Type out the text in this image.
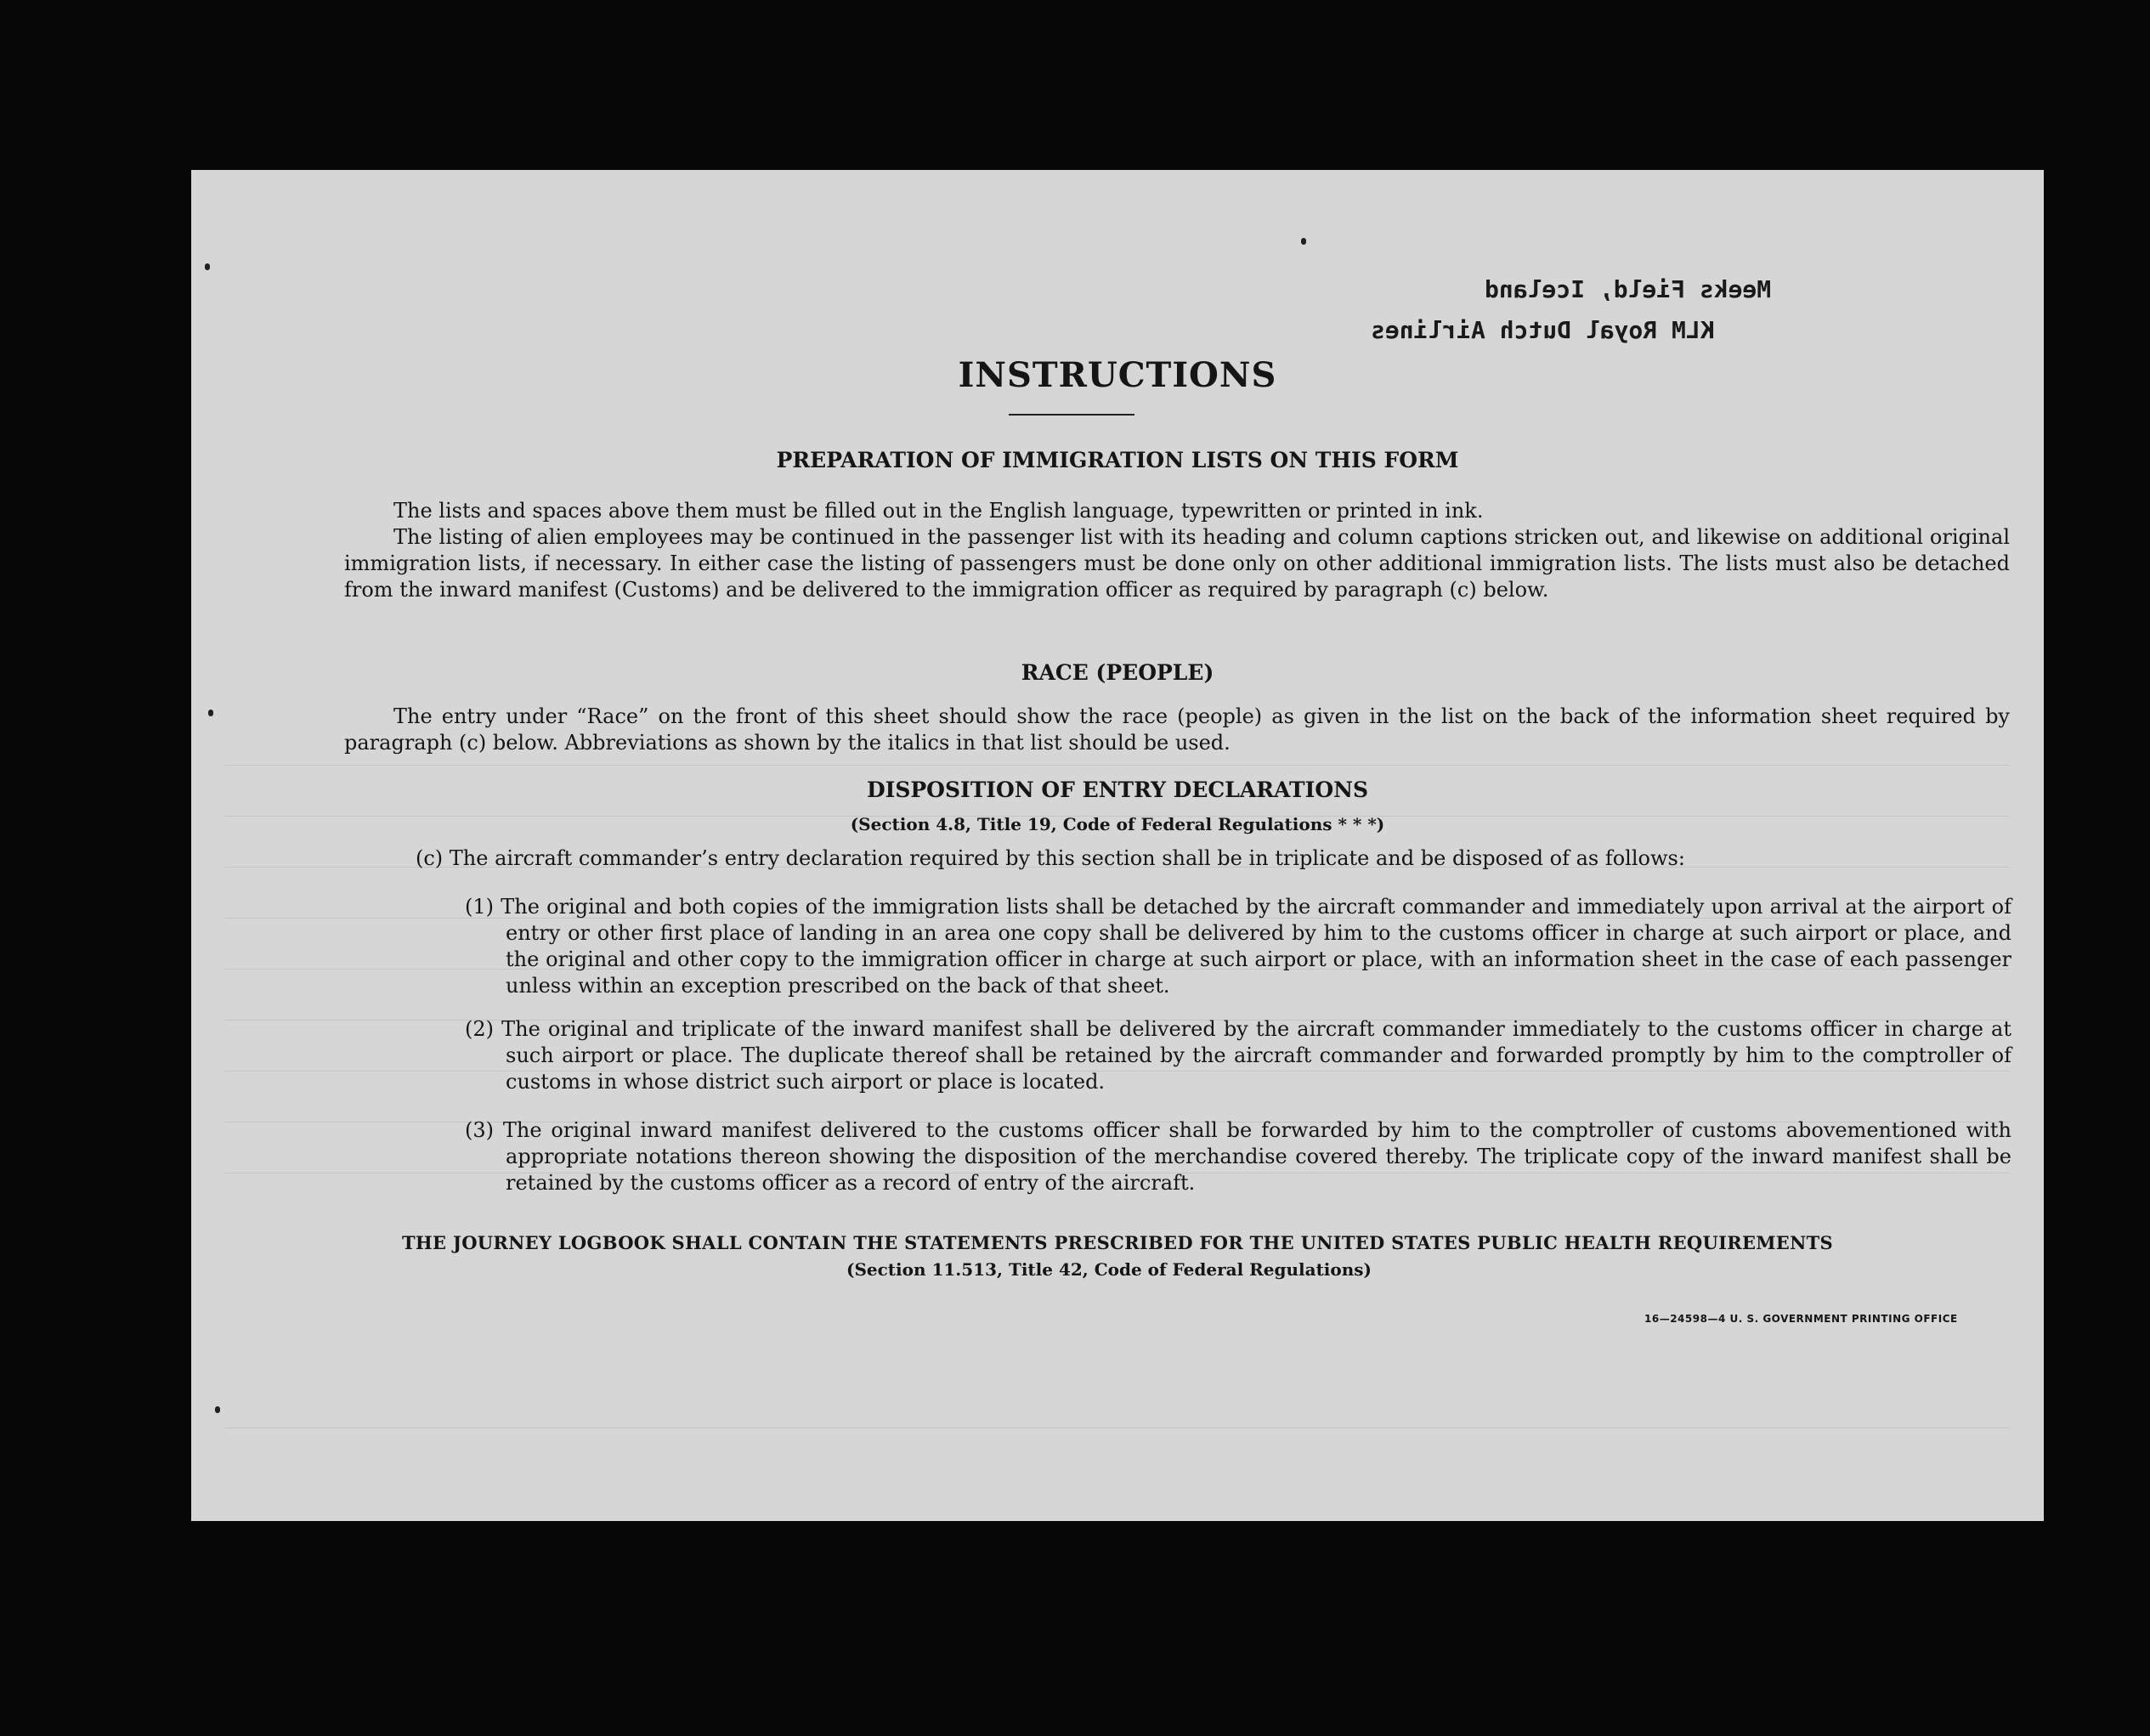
Meeks Field, Iceland
KLM Royal Dutch Airlines
INSTRUCTIONS
PREPARATION OF IMMIGRATION LISTS ON THIS FORM
The lists and spaces above them must be filled out in the English language, typewritten or printed in ink.
The listing of alien employees may be continued in the passenger list with its heading and column captions stricken out, and likewise on additional original immigration lists, if necessary. In either case the listing of passengers must be done only on other additional immigration lists. The lists must also be detached from the inward manifest (Customs) and be delivered to the immigration officer as required by paragraph (c) below.
RACE (PEOPLE)
The entry under “Race” on the front of this sheet should show the race (people) as given in the list on the back of the information sheet required by paragraph (c) below. Abbreviations as shown by the italics in that list should be used.
DISPOSITION OF ENTRY DECLARATIONS
(Section 4.8, Title 19, Code of Federal Regulations * * *)
(c) The aircraft commander’s entry declaration required by this section shall be in triplicate and be disposed of as follows:
(1) The original and both copies of the immigration lists shall be detached by the aircraft commander and immediately upon arrival at the airport of entry or other first place of landing in an area one copy shall be delivered by him to the customs officer in charge at such airport or place, and the original and other copy to the immigration officer in charge at such airport or place, with an information sheet in the case of each passenger unless within an exception prescribed on the back of that sheet.
(2) The original and triplicate of the inward manifest shall be delivered by the aircraft commander immediately to the customs officer in charge at such airport or place. The duplicate thereof shall be retained by the aircraft commander and forwarded promptly by him to the comptroller of customs in whose district such airport or place is located.
(3) The original inward manifest delivered to the customs officer shall be forwarded by him to the comptroller of customs abovementioned with appropriate notations thereon showing the disposition of the merchandise covered thereby. The triplicate copy of the inward manifest shall be retained by the customs officer as a record of entry of the aircraft.
THE JOURNEY LOGBOOK SHALL CONTAIN THE STATEMENTS PRESCRIBED FOR THE UNITED STATES PUBLIC HEALTH REQUIREMENTS
(Section 11.513, Title 42, Code of Federal Regulations)
16—24598—4 U. S. GOVERNMENT PRINTING OFFICE
